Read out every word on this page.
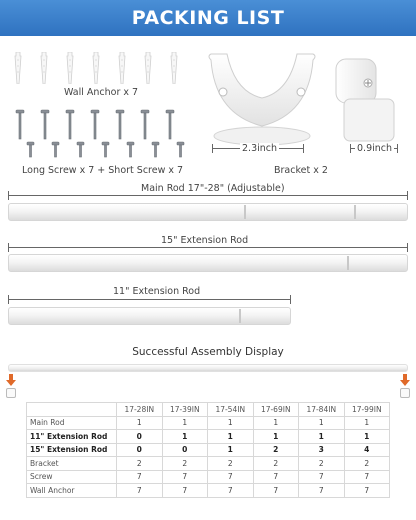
PACKING LIST
Wall Anchor x 7
Long Screw x 7 + Short Screw x 7
2.3inch	0.9inch
Bracket x 2
Main Rod 17"-28" (Adjustable)
15" Extension Rod
11" Extension Rod
Successful Assembly Display
	17-28IN	17-39IN	17-54IN	17-69IN	17-84IN	17-99IN
Main Rod	1	1	1	1	1	1
11" Extension Rod	0	1	1	1	1	1
15" Extension Rod	0	0	1	2	3	4
Bracket	2	2	2	2	2	2
Screw	7	7	7	7	7	7
Wall Anchor	7	7	7	7	7	7
